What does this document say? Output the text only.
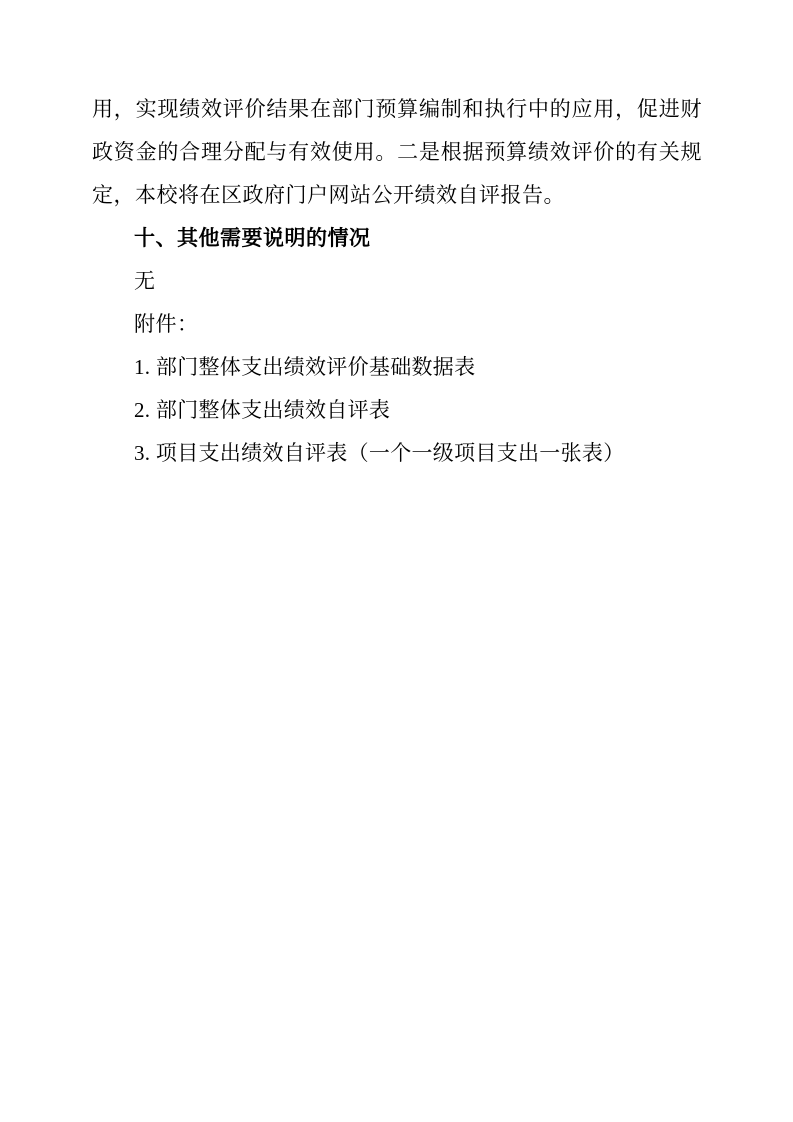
用，实现绩效评价结果在部门预算编制和执行中的应用，促进财政资金的合理分配与有效使用。二是根据预算绩效评价的有关规定，本校将在区政府门户网站公开绩效自评报告。

十、其他需要说明的情况

无

附件：

1. 部门整体支出绩效评价基础数据表

2. 部门整体支出绩效自评表

3. 项目支出绩效自评表（一个一级项目支出一张表）
